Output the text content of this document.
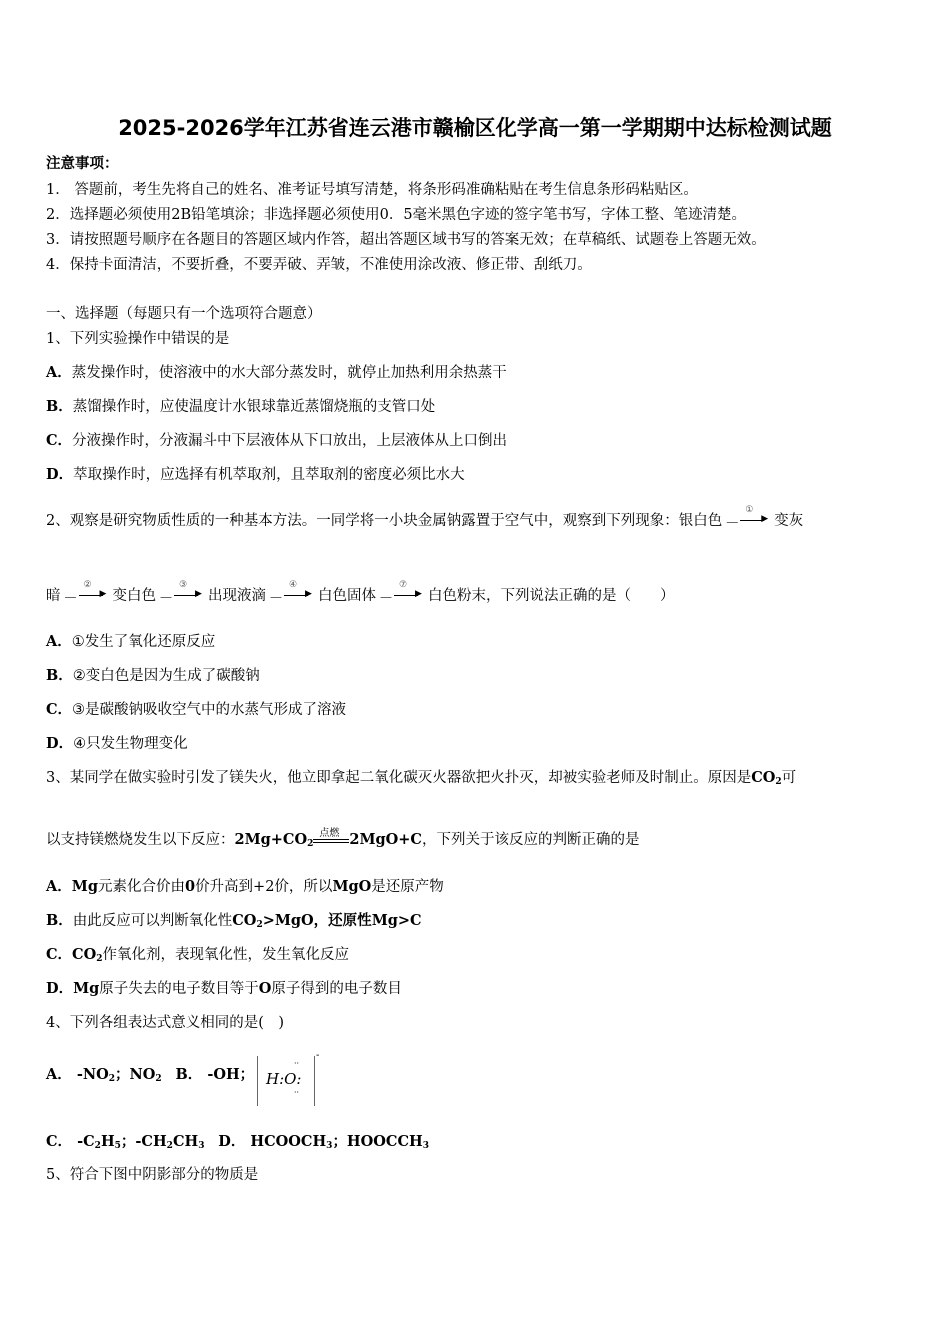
2025-2026学年江苏省连云港市赣榆区化学高一第一学期期中达标检测试题
注意事项：
1． 答题前，考生先将自己的姓名、准考证号填写清楚，将条形码准确粘贴在考生信息条形码粘贴区。
2．选择题必须使用2B铅笔填涂；非选择题必须使用0．5毫米黑色字迹的签字笔书写，字体工整、笔迹清楚。
3．请按照题号顺序在各题目的答题区域内作答，超出答题区域书写的答案无效；在草稿纸、试题卷上答题无效。
4．保持卡面清洁，不要折叠，不要弄破、弄皱，不准使用涂改液、修正带、刮纸刀。
一、选择题（每题只有一个选项符合题意）
1、下列实验操作中错误的是
A．蒸发操作时，使溶液中的水大部分蒸发时，就停止加热利用余热蒸干
B．蒸馏操作时，应使温度计水银球靠近蒸馏烧瓶的支管口处
C．分液操作时，分液漏斗中下层液体从下口放出，上层液体从上口倒出
D．萃取操作时，应选择有机萃取剂，且萃取剂的密度必须比水大
2、观察是研究物质性质的一种基本方法。一同学将一小块金属钠露置于空气中，观察到下列现象：银白色 —
①
▶ 变灰
暗 —
②
▶ 变白色 —
③
▶ 出现液滴 —
④
▶ 白色固体 —
⑦
▶ 白色粉末，下列说法正确的是（　　）
A．①发生了氧化还原反应
B．②变白色是因为生成了碳酸钠
C．③是碳酸钠吸收空气中的水蒸气形成了溶液
D．④只发生物理变化
3、某同学在做实验时引发了镁失火，他立即拿起二氧化碳灭火器欲把火扑灭，却被实验老师及时制止。原因是$CO_2$可
以支持镁燃烧发生以下反应：$2Mg+CO_2$
点燃 2MgO+C，下列关于该反应的判断正确的是
A．Mg元素化合价由0价升高到+2价，所以MgO是还原产物
B．由此反应可以判断氧化性$CO_2>MgO$，还原性Mg>C
C．$CO_2$作氧化剂，表现氧化性，发生氧化反应
D．Mg原子失去的电子数目等于O原子得到的电子数目
4、下列各组表达式意义相同的是(　)
A． $-NO_2$；$NO_2$ B． -OH；
··
H:O:
··
-
C． $-C_2H_5$；$-CH_2CH_3$ D． $HCOOCH_3$；$HOOCCH_3$
5、符合下图中阴影部分的物质是
